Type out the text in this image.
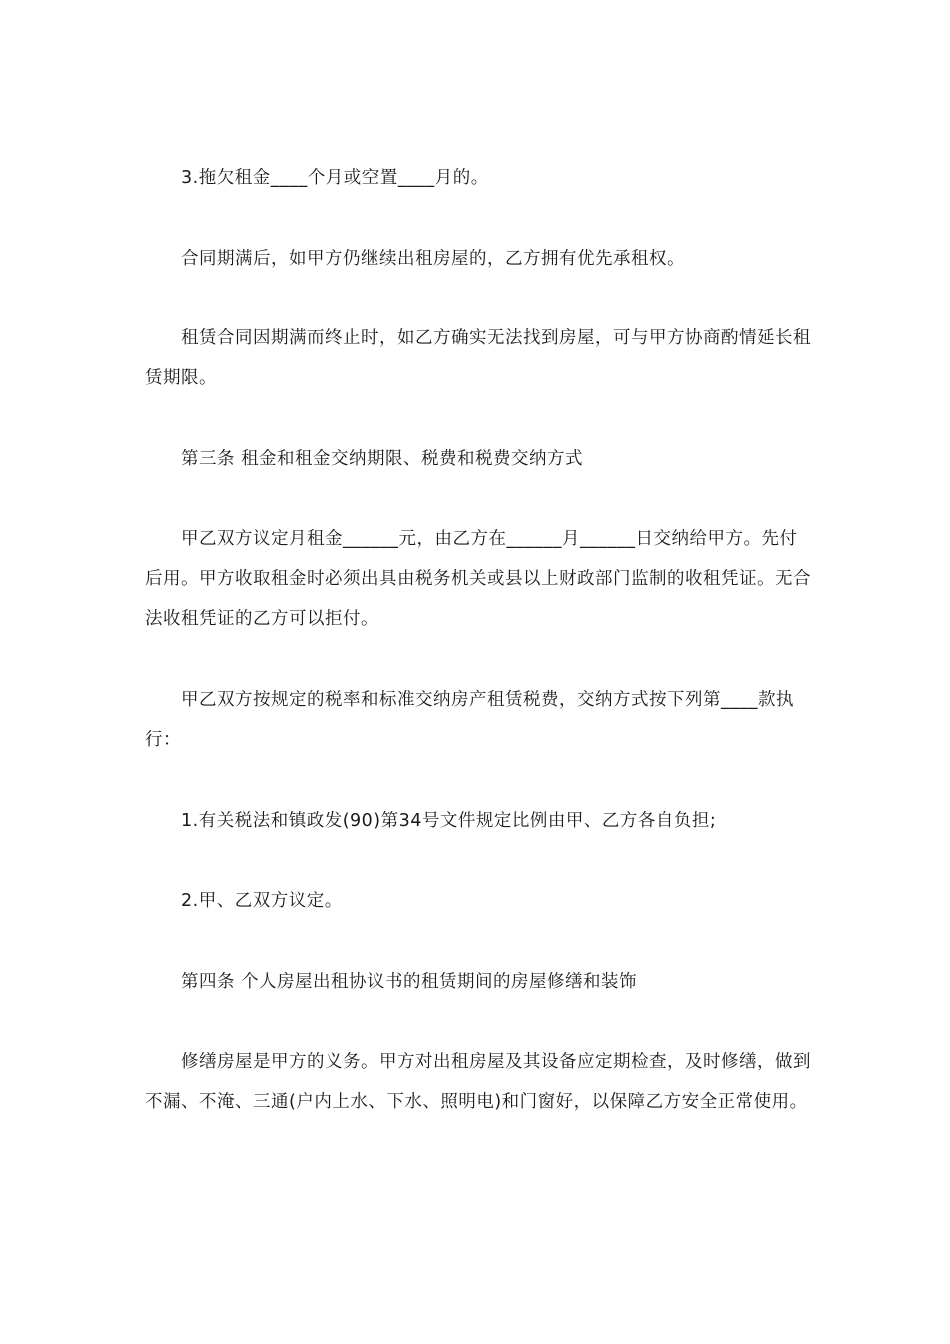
3.拖欠租金____个月或空置____月的。

合同期满后，如甲方仍继续出租房屋的，乙方拥有优先承租权。

租赁合同因期满而终止时，如乙方确实无法找到房屋，可与甲方协商酌情延长租赁期限。

第三条 租金和租金交纳期限、税费和税费交纳方式

甲乙双方议定月租金______元，由乙方在______月______日交纳给甲方。先付后用。甲方收取租金时必须出具由税务机关或县以上财政部门监制的收租凭证。无合法收租凭证的乙方可以拒付。

甲乙双方按规定的税率和标准交纳房产租赁税费，交纳方式按下列第____款执行：

1.有关税法和镇政发(90)第34号文件规定比例由甲、乙方各自负担;

2.甲、乙双方议定。

第四条 个人房屋出租协议书的租赁期间的房屋修缮和装饰

修缮房屋是甲方的义务。甲方对出租房屋及其设备应定期检查，及时修缮，做到不漏、不淹、三通(户内上水、下水、照明电)和门窗好，以保障乙方安全正常使用。
